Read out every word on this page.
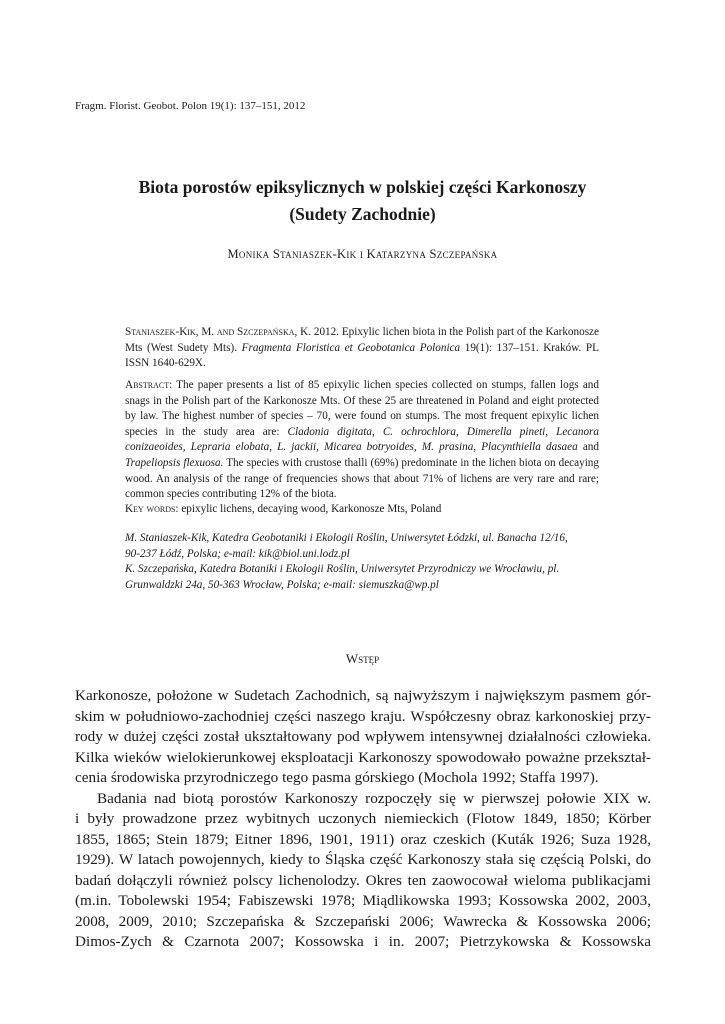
Fragm. Florist. Geobot. Polon 19(1): 137–151, 2012
Biota porostów epiksylicznych w polskiej części Karkonoszy
(Sudety Zachodnie)
Monika Staniaszek-Kik i Katarzyna Szczepańska
Staniaszek-Kik, M. and Szczepańska, K. 2012. Epixylic lichen biota in the Polish part of the Karkonosze Mts (West Sudety Mts). Fragmenta Floristica et Geobotanica Polonica 19(1): 137–151. Kraków. PL ISSN 1640-629X.
Abstract: The paper presents a list of 85 epixylic lichen species collected on stumps, fallen logs and snags in the Polish part of the Karkonosze Mts. Of these 25 are threatened in Poland and eight protected by law. The highest number of species – 70, were found on stumps. The most frequent epixylic lichen species in the study area are: Cladonia digitata, C. ochrochlora, Dimerella pineti, Lecanora conizaeoides, Lepraria elobata, L. jackii, Micarea botryoides, M. prasina, Placynthiella dasaea and Trapeliopsis flexuosa. The species with crustose thalli (69%) predominate in the lichen biota on decaying wood. An analysis of the range of frequencies shows that about 71% of lichens are very rare and rare; common species contributing 12% of the biota.
Key words: epixylic lichens, decaying wood, Karkonosze Mts, Poland
M. Staniaszek-Kik, Katedra Geobotaniki i Ekologii Roślin, Uniwersytet Łódzki, ul. Banacha 12/16,
90-237 Łódź, Polska; e-mail: kik@biol.uni.lodz.pl
K. Szczepańska, Katedra Botaniki i Ekologii Roślin, Uniwersytet Przyrodniczy we Wrocławiu, pl.
Grunwaldzki 24a, 50-363 Wrocław, Polska; e-mail: siemuszka@wp.pl
Wstęp

Karkonosze, położone w Sudetach Zachodnich, są najwyższym i największym pasmem gór-
skim w południowo-zachodniej części naszego kraju. Współczesny obraz karkonoskiej przy-
rody w dużej części został ukształtowany pod wpływem intensywnej działalności człowieka.
Kilka wieków wielokierunkowej eksploatacji Karkonoszy spowodowało poważne przekształ-
cenia środowiska przyrodniczego tego pasma górskiego (Mochola 1992; Staffa 1997).

Badania nad biotą porostów Karkonoszy rozpoczęły się w pierwszej połowie XIX w.
i były prowadzone przez wybitnych uczonych niemieckich (Flotow 1849, 1850; Körber
1855, 1865; Stein 1879; Eitner 1896, 1901, 1911) oraz czeskich (Kuták 1926; Suza 1928,
1929). W latach powojennych, kiedy to Śląska część Karkonoszy stała się częścią Polski, do
badań dołączyli również polscy lichenolodzy. Okres ten zaowocował wieloma publikacjami
(m.in. Tobolewski 1954; Fabiszewski 1978; Miądlikowska 1993; Kossowska 2002, 2003,
2008, 2009, 2010; Szczepańska & Szczepański 2006; Wawrecka & Kossowska 2006;
Dimos-Zych & Czarnota 2007; Kossowska i in. 2007; Pietrzykowska & Kossowska
